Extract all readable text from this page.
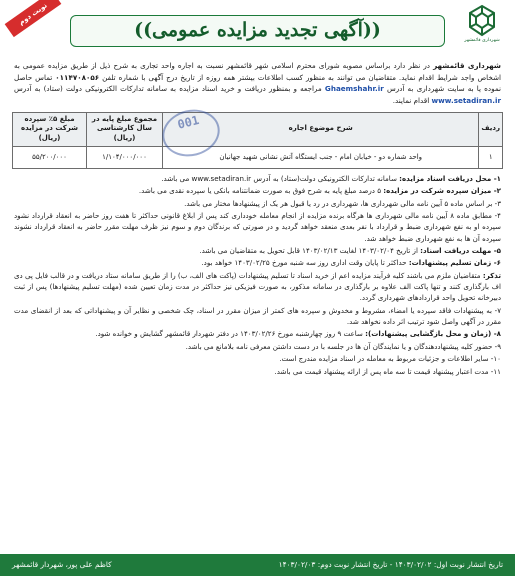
شهرداری قائمشهر
((آگهی تجدید مزایده عمومی))
نوبت دوم

شهرداری قائمشهر در نظر دارد براساس مصوبه شورای محترم اسلامی شهر قائمشهر نسبت به اجاره واحد تجاری به شرح ذیل از طریق مزایده عمومی به اشخاص واجد شرایط اقدام نماید. متقاضیان می توانند به منظور کسب اطلاعات بیشتر همه روزه از تاریخ درج آگهی با شماره تلفن ۰۱۱۴۷۰۸۰۵۶ تماس حاصل نموده یا به سایت شهرداری به آدرس Ghaemshahr.ir مراجعه و بمنظور دریافت و خرید اسناد مزایده به سامانه تدارکات الکترونیکی دولت (ستاد) به آدرس www.setadiran.ir اقدام نمایند.

ردیف	شرح موضوع اجاره	مجموع مبلغ پایه در سال کارشناسی (ریال)	مبلغ ۵٪ سپرده شرکت در مزایده (ریال)
۱	واحد شماره دو - خیابان امام - جنب ایستگاه آتش نشانی شهید جهانیان	۱/۱۰۴/۰۰۰/۰۰۰	۵۵/۲۰۰/۰۰۰
001
۱- محل دریافت اسناد مزایده: سامانه تدارکات الکترونیکی دولت(ستاد) به آدرس www.setadiran.ir می باشد.
۲- میزان سپرده شرکت در مزایده: ۵ درصد مبلغ پایه به شرح فوق به صورت ضمانتنامه بانکی یا سپرده نقدی می باشد.
۳- بر اساس ماده ۵ آیین نامه مالی شهرداری ها، شهرداری در رد یا قبول هر یک از پیشنهادها مختار می باشد.
۴- مطابق ماده ۸ آیین نامه مالی شهرداری ها هرگاه برنده مزایده از انجام معامله خودداری کند پس از ابلاغ قانونی حداکثر تا هفت روز حاضر به انعقاد قرارداد نشود سپرده او به نفع شهرداری ضبط و قرارداد با نفر بعدی منعقد خواهد گردید و در صورتی که برندگان دوم و سوم نیز ظرف مهلت مقرر حاضر به انعقاد قرارداد نشوند سپرده آن ها به نفع شهرداری ضبط خواهد شد.
۵- مهلت دریافت اسناد: از تاریخ ۱۴۰۳/۰۲/۰۴ لغایت ۱۴۰۳/۰۲/۱۳ قابل تحویل به متقاضیان می باشد.
۶- زمان تسلیم پیشنهادات: حداکثر تا پایان وقت اداری روز سه شنبه مورخ ۱۴۰۳/۰۲/۲۵ خواهد بود.
تذکر: متقاضیان ملزم می باشند کلیه فرآیند مزایده اعم از خرید اسناد تا تسلیم پیشنهادات (پاکت های الف، ب) را از طریق سامانه ستاد دریافت و در قالب فایل پی دی اف بارگذاری کنند و تنها پاکت الف علاوه بر بارگذاری در سامانه مذکور، به صورت فیزیکی نیز حداکثر در مدت زمان تعیین شده (مهلت تسلیم پیشنهادها) پس از ثبت دبیرخانه تحویل واحد قراردادهای شهرداری گردد.
۷- به پیشنهادات فاقد سپرده یا امضاء، مشروط و مخدوش و سپرده های کمتر از میزان مقرر در اسناد، چک شخصی و نظایر آن و پیشنهاداتی که بعد از انقضای مدت مقرر در آگهی واصل شود ترتیب اثر داده نخواهد شد.
۸- (زمان و محل بازگشایی پیشنهادات): ساعت ۹ روز چهارشنبه مورخ ۱۴۰۳/۰۲/۲۶ در دفتر شهردار قائمشهر گشایش و خوانده شود.
۹- حضور کلیه پیشنهاددهندگان و یا نمایندگان آن ها در جلسه با در دست داشتن معرفی نامه بلامانع می باشد.
۱۰- سایر اطلاعات و جزئیات مربوط به معامله در اسناد مزایده مندرج است.
۱۱- مدت اعتبار پیشنهاد قیمت تا سه ماه پس از ارائه پیشنهاد قیمت می باشد.
تاریخ انتشار نوبت اول: ۱۴۰۳/۰۲/۰۲ - تاریخ انتشار نوبت دوم: ۱۴۰۳/۰۲/۰۳
کاظم علی پور، شهردار قائمشهر
